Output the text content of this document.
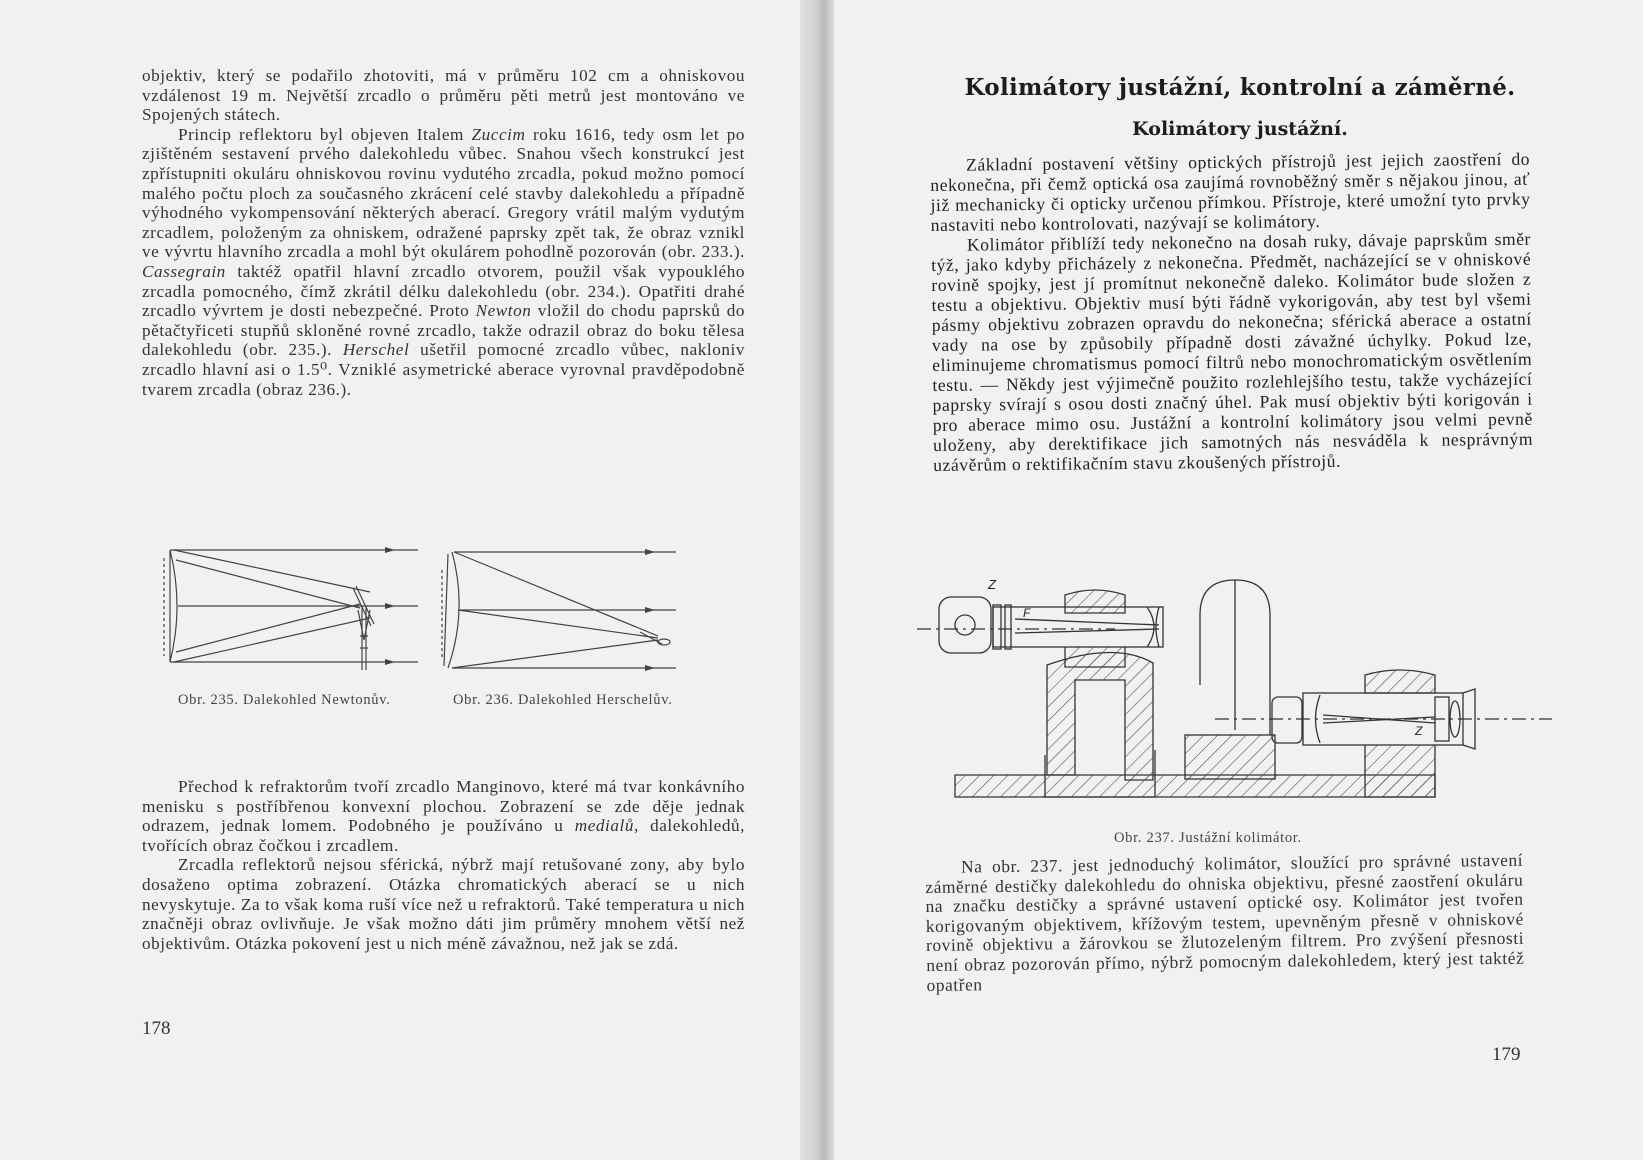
objektiv, který se podařilo zhotoviti, má v průměru 102 cm a ohniskovou vzdálenost 19 m. Největší zrcadlo o průměru pěti metrů jest montováno ve Spojených státech.

Princip reflektoru byl objeven Italem Zuccim roku 1616, tedy osm let po zjištěném sestavení prvého dalekohledu vůbec. Snahou všech konstrukcí jest zpřístupniti okuláru ohniskovou rovinu vydutého zrcadla, pokud možno pomocí malého počtu ploch za současného zkrácení celé stavby dalekohledu a případně výhodného vykompensování některých aberací. Gregory vrátil malým vydutým zrcadlem, položeným za ohniskem, odražené paprsky zpět tak, že obraz vznikl ve vývrtu hlavního zrcadla a mohl být okulárem pohodlně pozorován (obr. 233.). Cassegrain taktéž opatřil hlavní zrcadlo otvorem, použil však vypouklého zrcadla pomocného, čímž zkrátil délku dalekohledu (obr. 234.). Opatřiti drahé zrcadlo vývrtem je dosti nebezpečné. Proto Newton vložil do chodu paprsků do pětačtyřiceti stupňů skloněné rovné zrcadlo, takže odrazil obraz do boku tělesa dalekohledu (obr. 235.). Herschel ušetřil pomocné zrcadlo vůbec, nakloniv zrcadlo hlavní asi o 1.5⁰. Vzniklé asymetrické aberace vyrovnal pravděpodobně tvarem zrcadla (obraz 236.).

Obr. 235. Dalekohled Newtonův.	Obr. 236. Dalekohled Herschelův.

Přechod k refraktorům tvoří zrcadlo Manginovo, které má tvar konkávního menisku s postříbřenou konvexní plochou. Zobrazení se zde děje jednak odrazem, jednak lomem. Podobného je používáno u medialů, dalekohledů, tvořících obraz čočkou i zrcadlem.

Zrcadla reflektorů nejsou sférická, nýbrž mají retušované zony, aby bylo dosaženo optima zobrazení. Otázka chromatických aberací se u nich nevyskytuje. Za to však koma ruší více než u refraktorů. Také temperatura u nich značněji obraz ovlivňuje. Je však možno dáti jim průměry mnohem větší než objektivům. Otázka pokovení jest u nich méně závažnou, než jak se zdá.

178
Kolimátory justážní, kontrolní a záměrné.
Kolimátory justážní.

Základní postavení většiny optických přístrojů jest jejich zaostření do nekonečna, při čemž optická osa zaujímá rovnoběžný směr s nějakou jinou, ať již mechanicky či opticky určenou přímkou. Přístroje, které umožní tyto prvky nastaviti nebo kontrolovati, nazývají se kolimátory.

Kolimátor přiblíží tedy nekonečno na dosah ruky, dávaje paprskům směr týž, jako kdyby přicházely z nekonečna. Předmět, nacházející se v ohniskové rovině spojky, jest jí promítnut nekonečně daleko. Kolimátor bude složen z testu a objektivu. Objektiv musí býti řádně vykorigován, aby test byl všemi pásmy objektivu zobrazen opravdu do nekonečna; sférická aberace a ostatní vady na ose by způsobily případně dosti závažné úchylky. Pokud lze, eliminujeme chromatismus pomocí filtrů nebo monochromatickým osvětlením testu. — Někdy jest výjimečně použito rozlehlejšího testu, takže vycházející paprsky svírají s osou dosti značný úhel. Pak musí objektiv býti korigován i pro aberace mimo osu. Justážní a kontrolní kolimátory jsou velmi pevně uloženy, aby derektifikace jich samotných nás nesváděla k nesprávným uzávěrům o rektifikačním stavu zkoušených přístrojů.

Z
F
Z
Obr. 237. Justážní kolimátor.

Na obr. 237. jest jednoduchý kolimátor, sloužící pro správné ustavení záměrné destičky dalekohledu do ohniska objektivu, přesné zaostření okuláru na značku destičky a správné ustavení optické osy. Kolimátor jest tvořen korigovaným objektivem, křížovým testem, upevněným přesně v ohniskové rovině objektivu a žárovkou se žlutozeleným filtrem. Pro zvýšení přesnosti není obraz pozorován přímo, nýbrž pomocným dalekohledem, který jest taktéž opatřen

179
